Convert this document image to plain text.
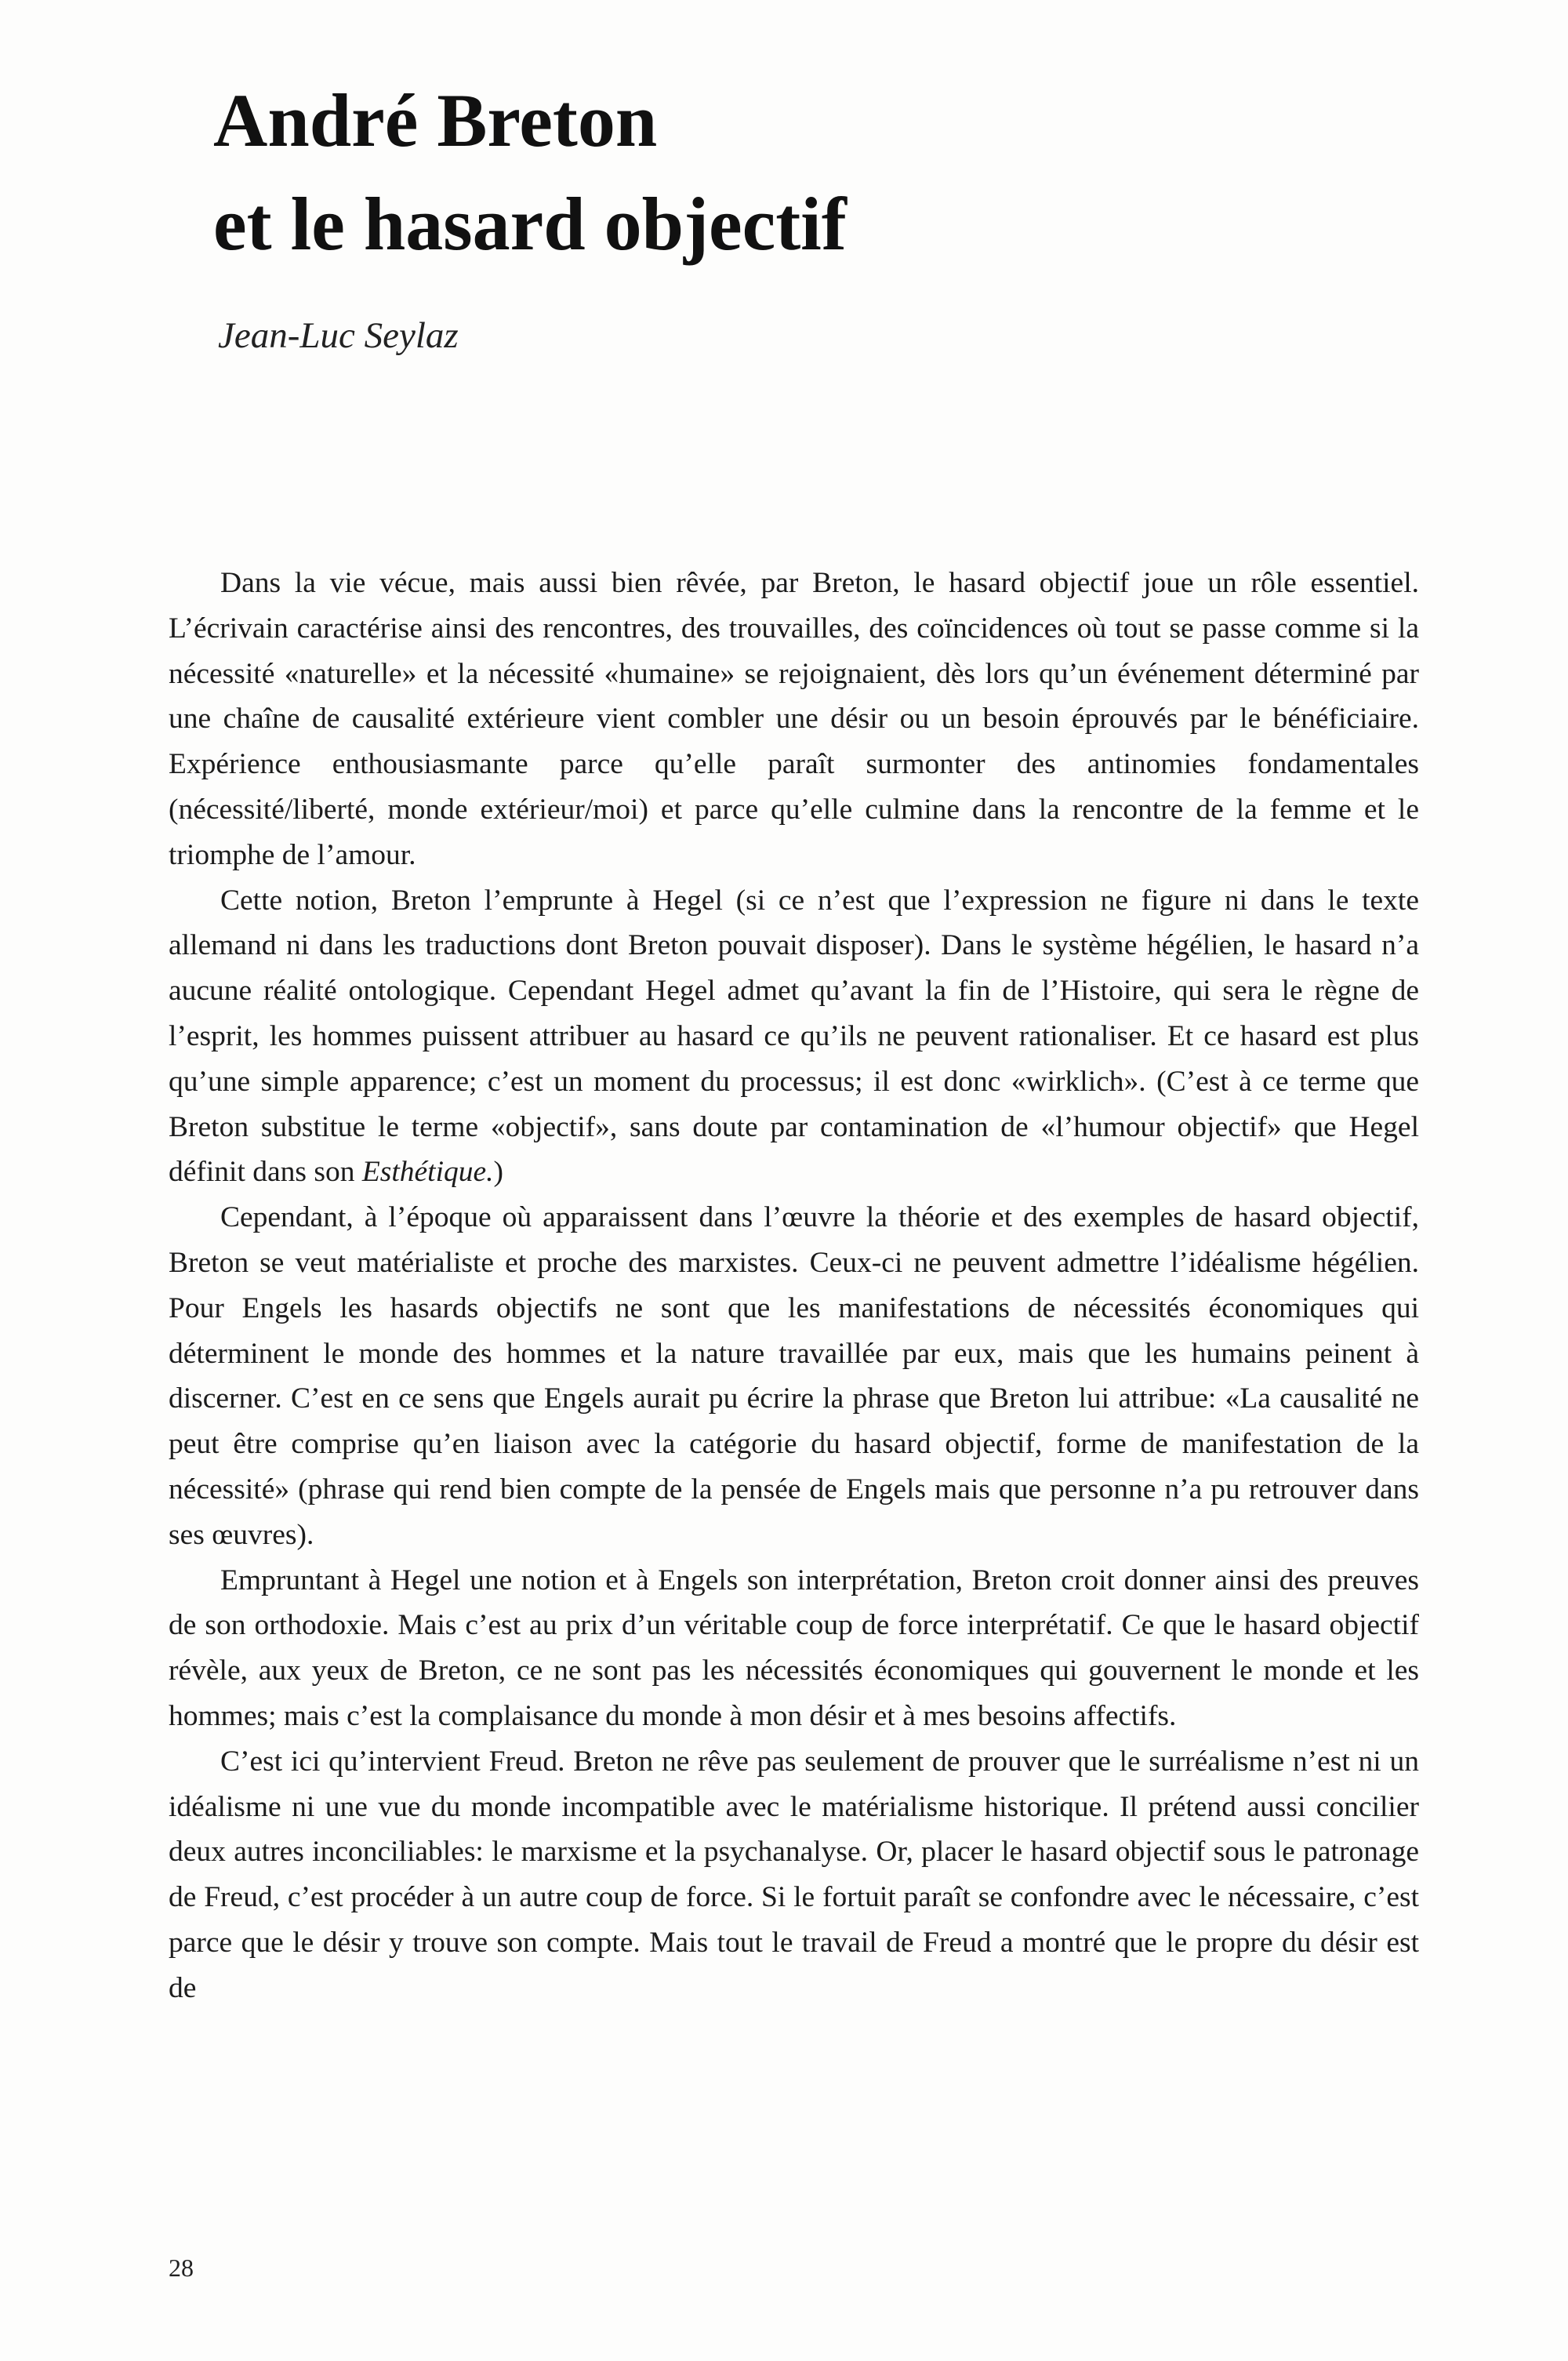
André Breton
et le hasard objectif

Jean-Luc Seylaz

Dans la vie vécue, mais aussi bien rêvée, par Breton, le hasard objectif joue un rôle essentiel. L’écrivain caractérise ainsi des rencontres, des trouvailles, des coïncidences où tout se passe comme si la nécessité «naturelle» et la nécessité «humaine» se rejoignaient, dès lors qu’un événement déterminé par une chaîne de causalité extérieure vient combler une désir ou un besoin éprouvés par le bénéficiaire. Expérience enthousiasmante parce qu’elle paraît surmonter des antinomies fondamentales (nécessité/liberté, monde extérieur/moi) et parce qu’elle culmine dans la rencontre de la femme et le triomphe de l’amour.

Cette notion, Breton l’emprunte à Hegel (si ce n’est que l’expression ne figure ni dans le texte allemand ni dans les traductions dont Breton pouvait disposer). Dans le système hégélien, le hasard n’a aucune réalité ontologique. Cependant Hegel admet qu’avant la fin de l’Histoire, qui sera le règne de l’esprit, les hommes puissent attribuer au hasard ce qu’ils ne peuvent rationaliser. Et ce hasard est plus qu’une simple apparence; c’est un moment du processus; il est donc «wirklich». (C’est à ce terme que Breton substitue le terme «objectif», sans doute par contamination de «l’humour objectif» que Hegel définit dans son Esthétique.)

Cependant, à l’époque où apparaissent dans l’œuvre la théorie et des exemples de hasard objectif, Breton se veut matérialiste et proche des marxistes. Ceux-ci ne peuvent admettre l’idéalisme hégélien. Pour Engels les hasards objectifs ne sont que les manifestations de nécessités économiques qui déterminent le monde des hommes et la nature travaillée par eux, mais que les humains peinent à discerner. C’est en ce sens que Engels aurait pu écrire la phrase que Breton lui attribue: «La causalité ne peut être comprise qu’en liaison avec la catégorie du hasard objectif, forme de manifestation de la nécessité» (phrase qui rend bien compte de la pensée de Engels mais que personne n’a pu retrouver dans ses œuvres).

Empruntant à Hegel une notion et à Engels son interprétation, Breton croit donner ainsi des preuves de son orthodoxie. Mais c’est au prix d’un véritable coup de force interprétatif. Ce que le hasard objectif révèle, aux yeux de Breton, ce ne sont pas les nécessités économiques qui gouvernent le monde et les hommes; mais c’est la complaisance du monde à mon désir et à mes besoins affectifs.

C’est ici qu’intervient Freud. Breton ne rêve pas seulement de prouver que le surréalisme n’est ni un idéalisme ni une vue du monde incompatible avec le matérialisme historique. Il prétend aussi concilier deux autres inconciliables: le marxisme et la psychanalyse. Or, placer le hasard objectif sous le patronage de Freud, c’est procéder à un autre coup de force. Si le fortuit paraît se confondre avec le nécessaire, c’est parce que le désir y trouve son compte. Mais tout le travail de Freud a montré que le propre du désir est de

28
